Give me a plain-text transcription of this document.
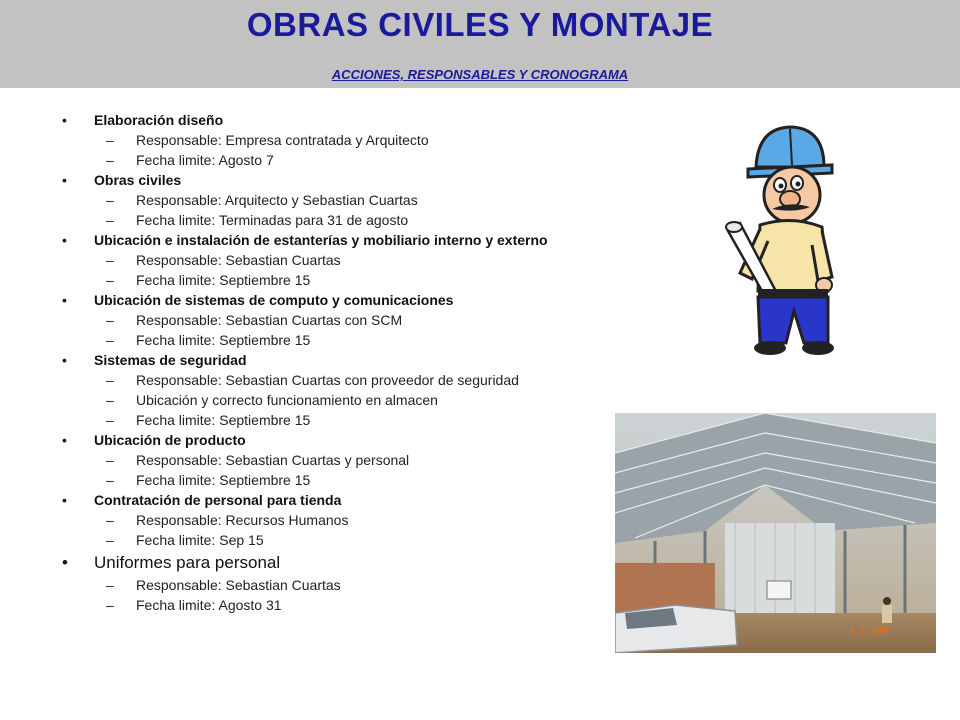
OBRAS CIVILES Y MONTAJE
ACCIONES, RESPONSABLES Y CRONOGRAMA
• Elaboración diseño
– Responsable: Empresa contratada y Arquitecto
– Fecha limite: Agosto 7
• Obras civiles
– Responsable: Arquitecto y Sebastian Cuartas
– Fecha limite: Terminadas para 31 de agosto
• Ubicación e instalación de estanterías y mobiliario interno y externo
– Responsable: Sebastian Cuartas
– Fecha limite: Septiembre 15
• Ubicación de sistemas de computo y comunicaciones
– Responsable: Sebastian Cuartas con SCM
– Fecha limite: Septiembre 15
• Sistemas de seguridad
– Responsable: Sebastian Cuartas con proveedor de seguridad
– Ubicación y correcto funcionamiento en almacen
– Fecha limite: Septiembre 15
• Ubicación de producto
– Responsable: Sebastian Cuartas y personal
– Fecha limite: Septiembre 15
• Contratación de personal para tienda
– Responsable: Recursos Humanos
– Fecha limite: Sep 15
• Uniformes para personal
– Responsable: Sebastian Cuartas
– Fecha limite: Agosto 31
8 4 2006
